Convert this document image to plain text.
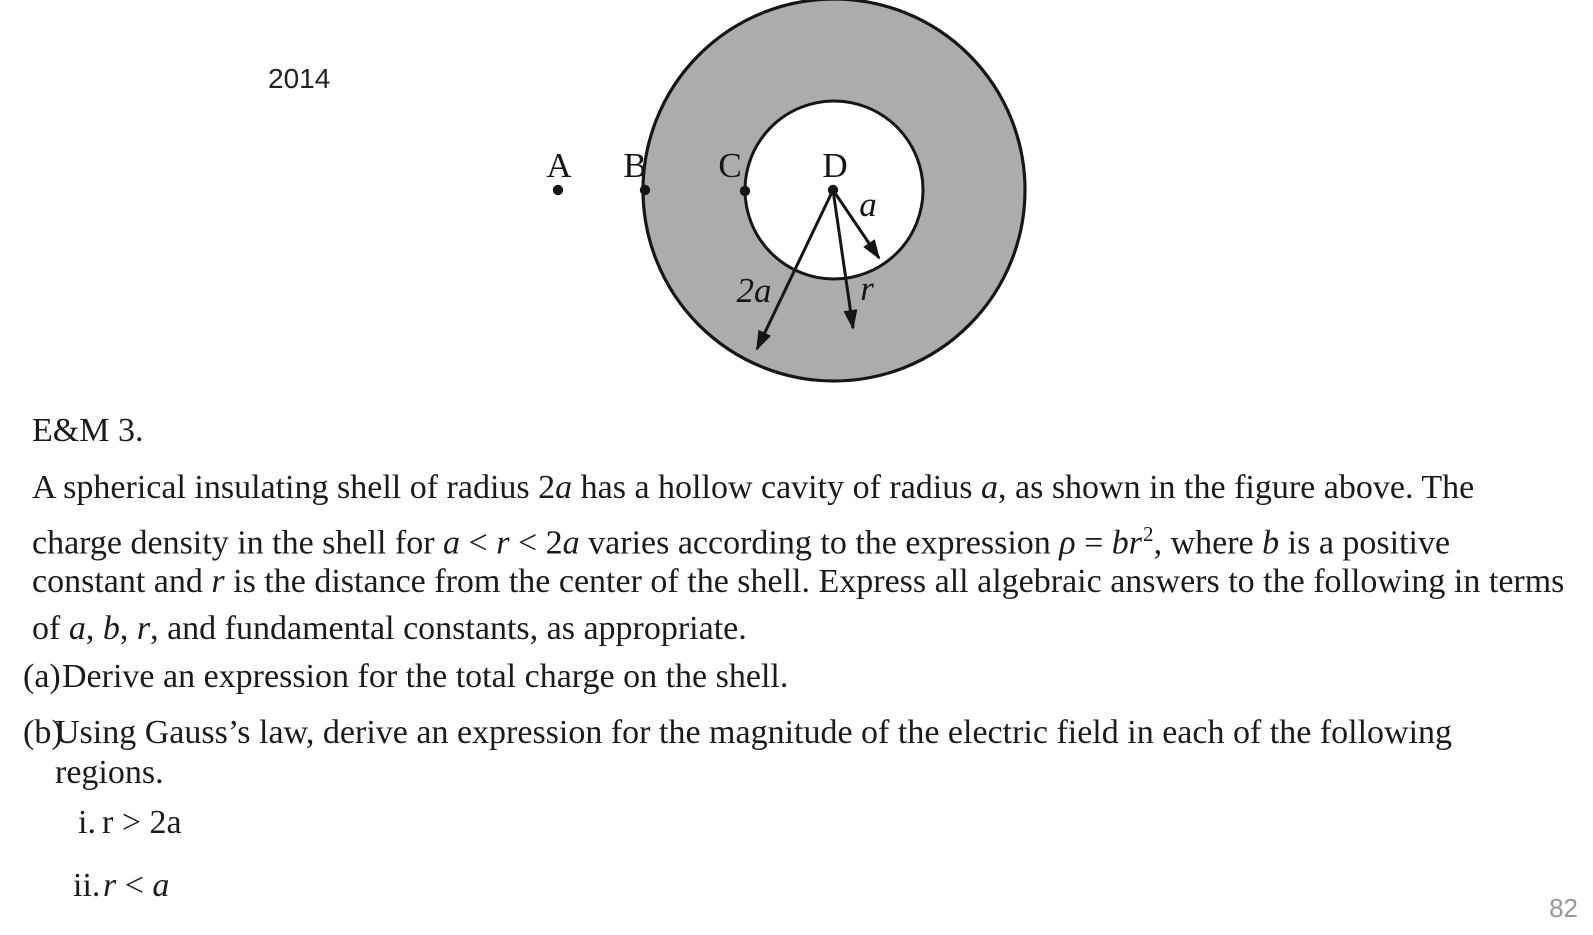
2014
A B C D
a
2a	r
E&M 3.
A spherical insulating shell of radius 2a has a hollow cavity of radius a, as shown in the figure above. The
charge density in the shell for a < r < 2a varies according to the expression $\rho = br^2$, where b is a positive
constant and r is the distance from the center of the shell. Express all algebraic answers to the following in terms
of a, b, r, and fundamental constants, as appropriate.
(a) Derive an expression for the total charge on the shell.
(b)
Using Gauss’s law, derive an expression for the magnitude of the electric field in each of the following
regions.
i. r > 2a
ii. r < a
82
